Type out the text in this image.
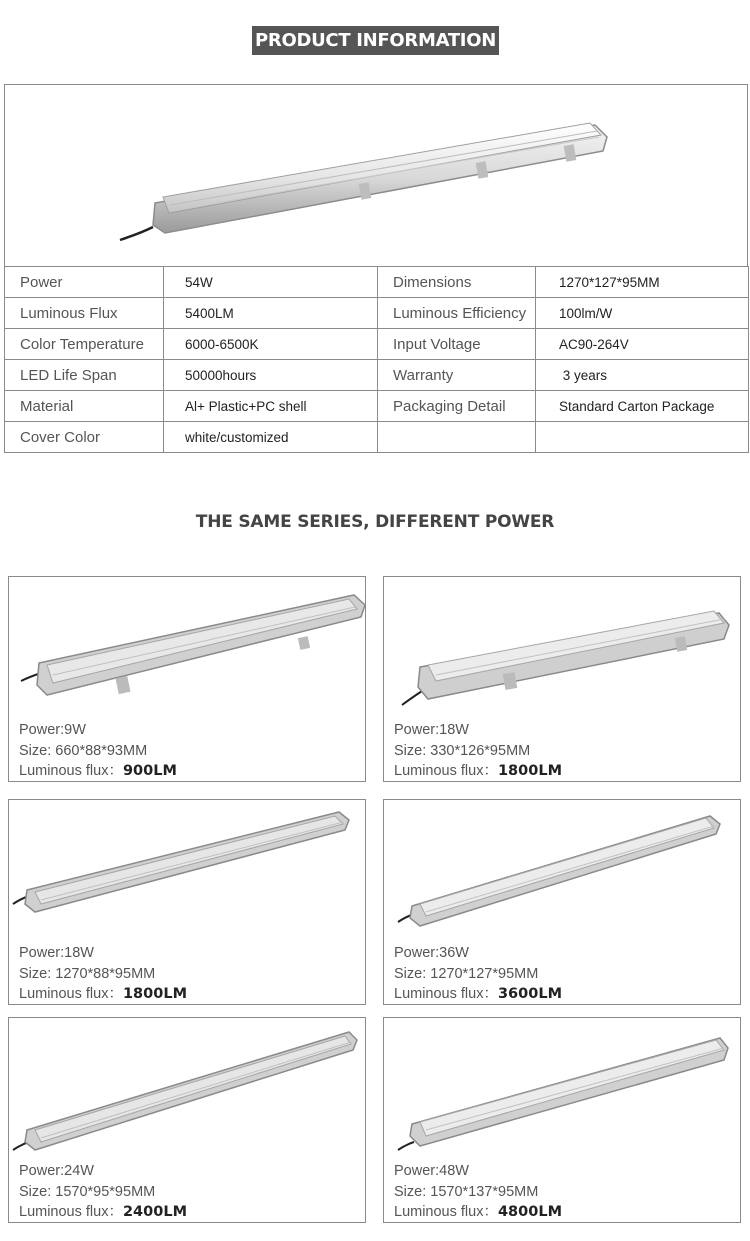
PRODUCT INFORMATION
Power	54W	Dimensions	1270*127*95MM
Luminous Flux	5400LM	Luminous Efficiency	100lm/W
Color Temperature	6000-6500K	Input Voltage	AC90-264V
LED Life Span	50000hours	Warranty	3 years
Material	Al+ Plastic+PC shell	Packaging Detail	Standard Carton Package
Cover Color	white/customized		
THE SAME SERIES, DIFFERENT POWER
Power:9W
Size: 660*88*93MM
Luminous flux：900LM
Power:18W
Size: 330*126*95MM
Luminous flux：1800LM
Power:18W
Size: 1270*88*95MM
Luminous flux：1800LM
Power:36W
Size: 1270*127*95MM
Luminous flux：3600LM
Power:24W
Size: 1570*95*95MM
Luminous flux：2400LM
Power:48W
Size: 1570*137*95MM
Luminous flux：4800LM
